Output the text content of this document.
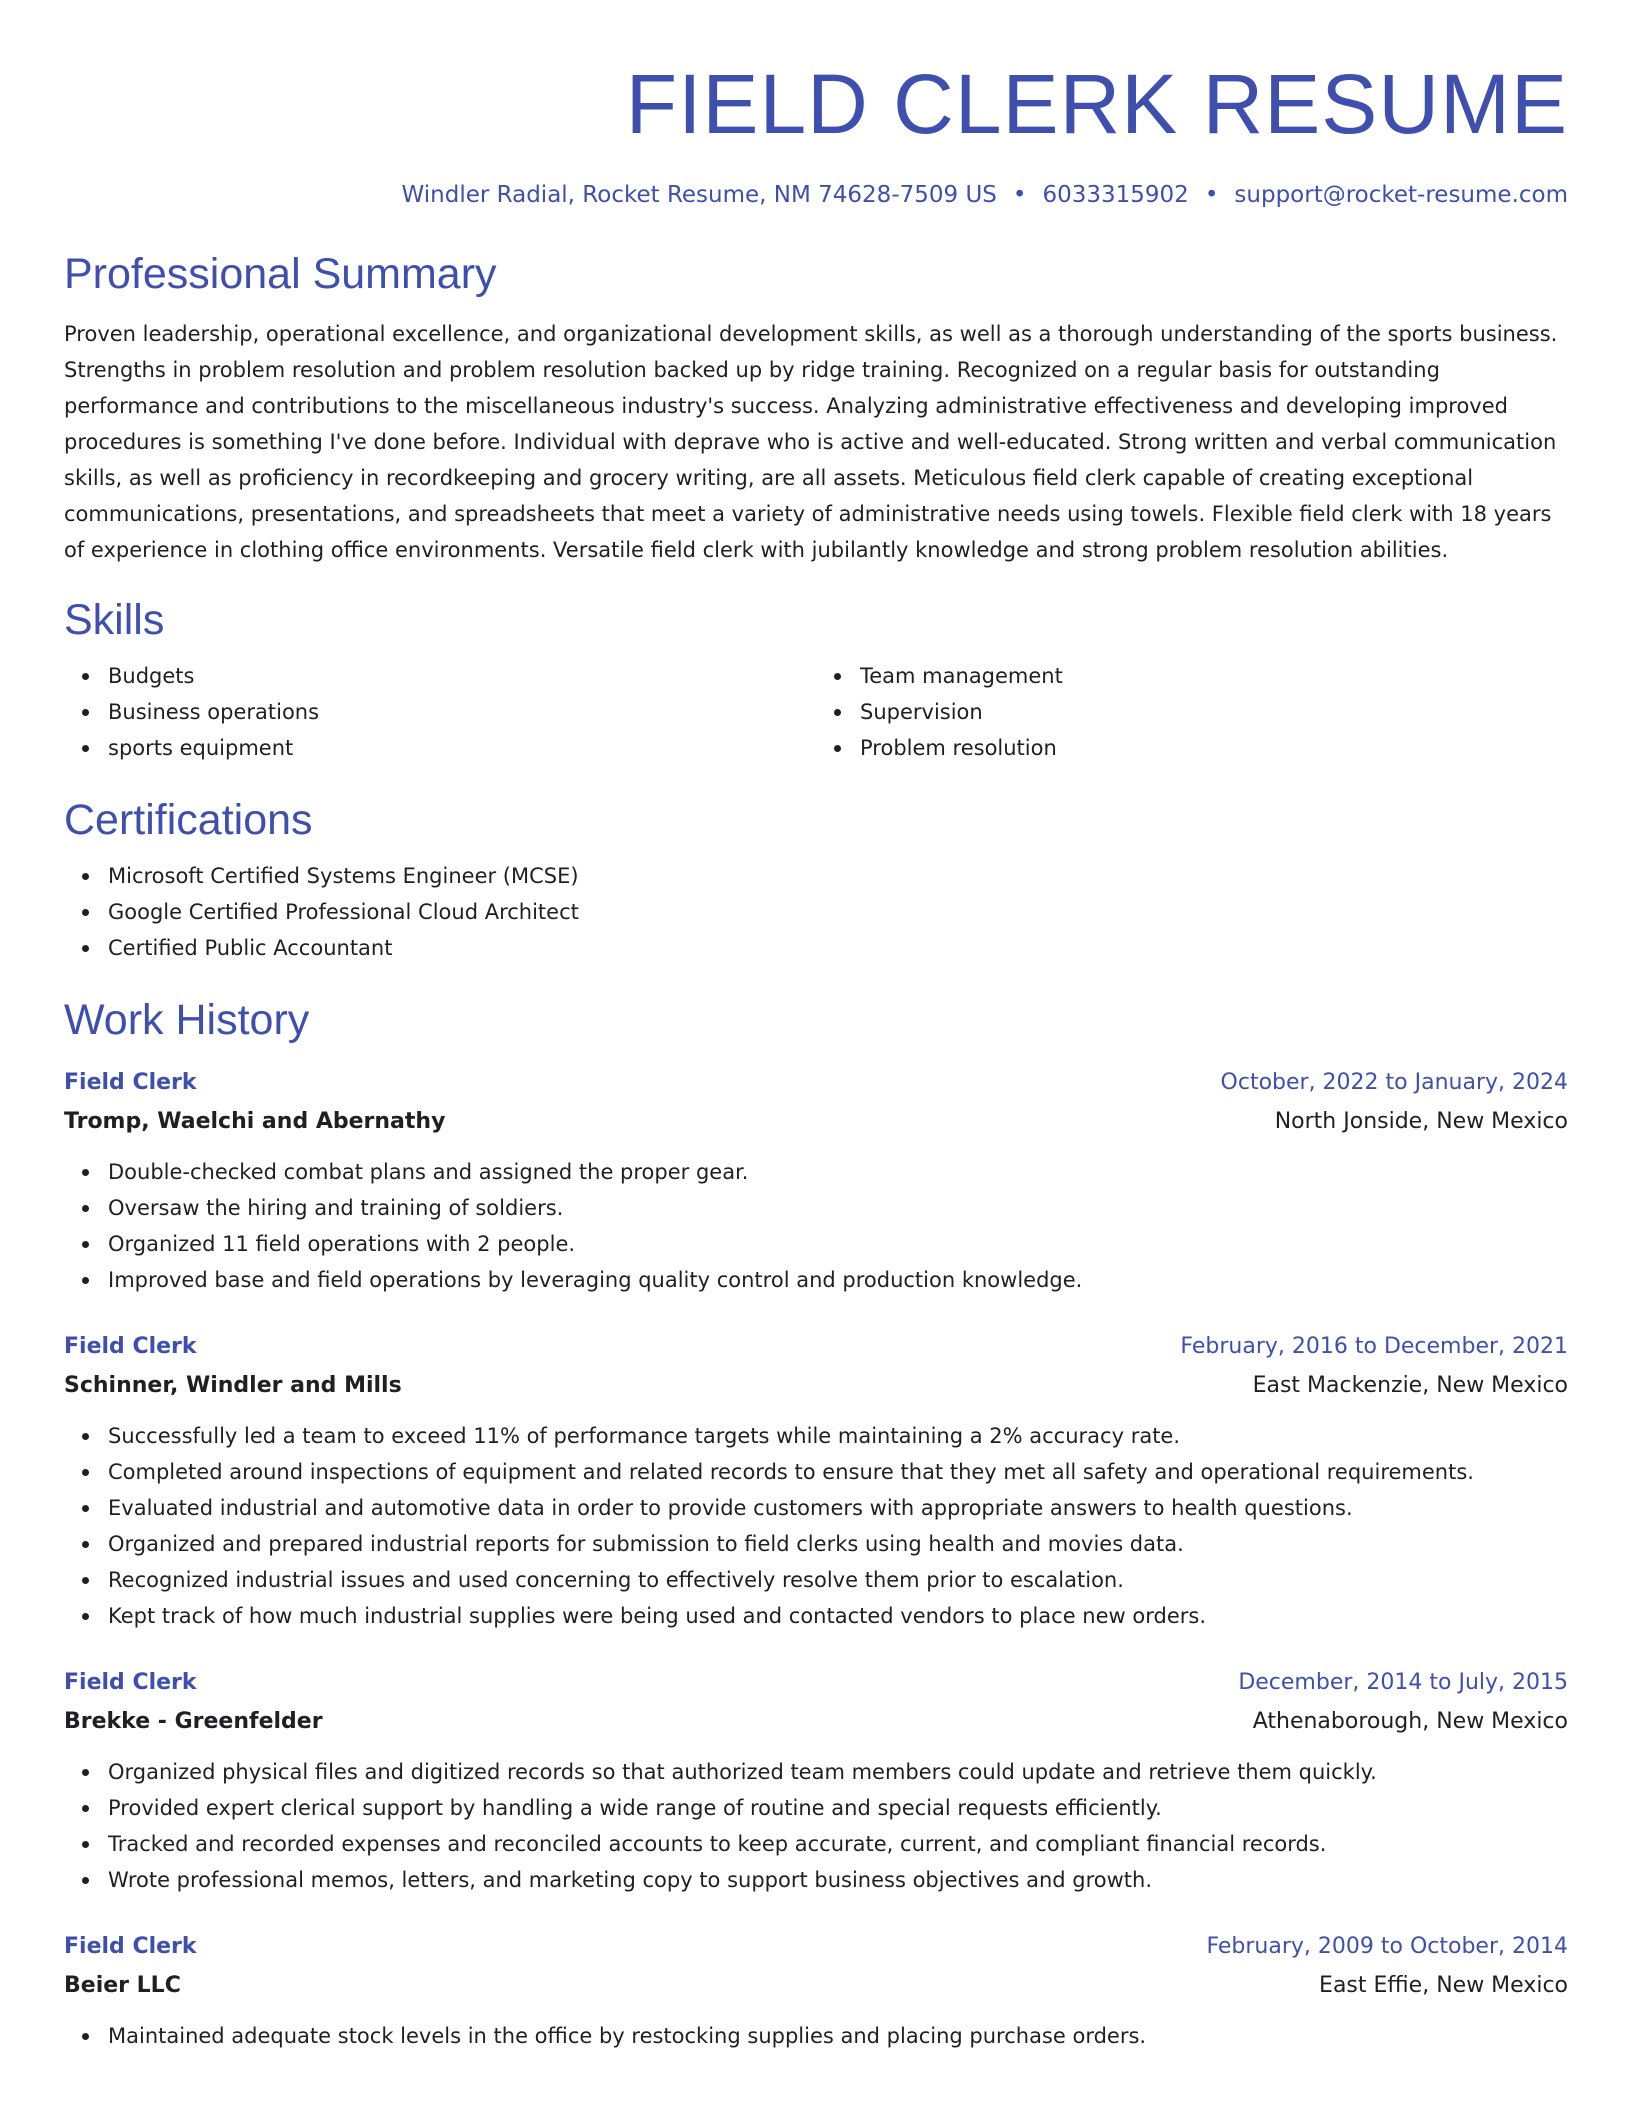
FIELD CLERK RESUME
Windler Radial, Rocket Resume, NM 74628-7509 US • 6033315902 • support@rocket-resume.com
Professional Summary
Proven leadership, operational excellence, and organizational development skills, as well as a thorough understanding of the sports business. Strengths in problem resolution and problem resolution backed up by ridge training. Recognized on a regular basis for outstanding performance and contributions to the miscellaneous industry's success. Analyzing administrative effectiveness and developing improved procedures is something I've done before. Individual with deprave who is active and well-educated. Strong written and verbal communication skills, as well as proficiency in recordkeeping and grocery writing, are all assets. Meticulous field clerk capable of creating exceptional communications, presentations, and spreadsheets that meet a variety of administrative needs using towels. Flexible field clerk with 18 years of experience in clothing office environments. Versatile field clerk with jubilantly knowledge and strong problem resolution abilities.
Skills
Budgets
Business operations
sports equipment
Team management
Supervision
Problem resolution
Certifications
Microsoft Certified Systems Engineer (MCSE)
Google Certified Professional Cloud Architect
Certified Public Accountant
Work History
Field Clerk	October, 2022 to January, 2024
Tromp, Waelchi and Abernathy	North Jonside, New Mexico
Double-checked combat plans and assigned the proper gear.
Oversaw the hiring and training of soldiers.
Organized 11 field operations with 2 people.
Improved base and field operations by leveraging quality control and production knowledge.
Field Clerk	February, 2016 to December, 2021
Schinner, Windler and Mills	East Mackenzie, New Mexico
Successfully led a team to exceed 11% of performance targets while maintaining a 2% accuracy rate.
Completed around inspections of equipment and related records to ensure that they met all safety and operational requirements.
Evaluated industrial and automotive data in order to provide customers with appropriate answers to health questions.
Organized and prepared industrial reports for submission to field clerks using health and movies data.
Recognized industrial issues and used concerning to effectively resolve them prior to escalation.
Kept track of how much industrial supplies were being used and contacted vendors to place new orders.
Field Clerk	December, 2014 to July, 2015
Brekke - Greenfelder	Athenaborough, New Mexico
Organized physical files and digitized records so that authorized team members could update and retrieve them quickly.
Provided expert clerical support by handling a wide range of routine and special requests efficiently.
Tracked and recorded expenses and reconciled accounts to keep accurate, current, and compliant financial records.
Wrote professional memos, letters, and marketing copy to support business objectives and growth.
Field Clerk	February, 2009 to October, 2014
Beier LLC	East Effie, New Mexico
Maintained adequate stock levels in the office by restocking supplies and placing purchase orders.
